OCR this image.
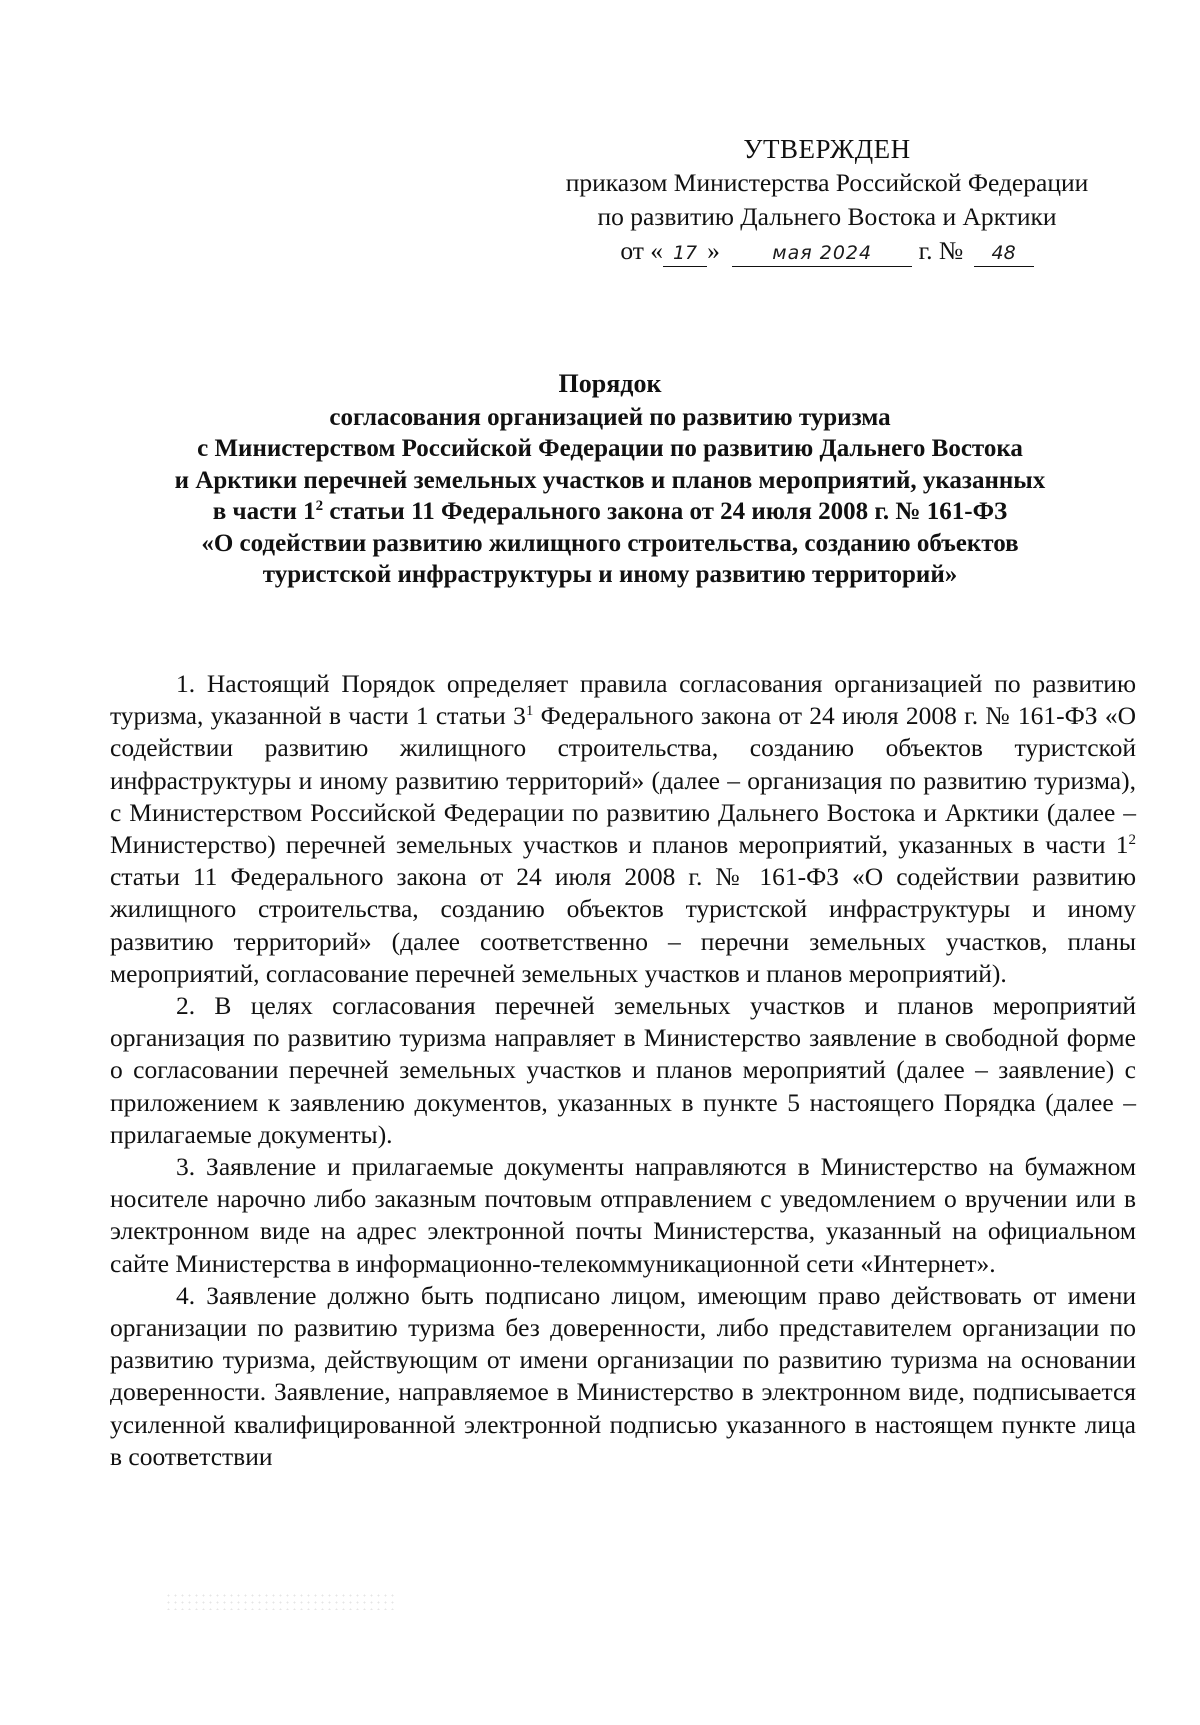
УТВЕРЖДЕН
приказом Министерства Российской Федерации
по развитию Дальнего Востока и Арктики
от « 17 »	мая 2024 г. № 48
Порядок
согласования организацией по развитию туризма
с Министерством Российской Федерации по развитию Дальнего Востока
и Арктики перечней земельных участков и планов мероприятий, указанных
в части $1^2$ статьи 11 Федерального закона от 24 июля 2008 г. № 161-ФЗ
«О содействии развитию жилищного строительства, созданию объектов
туристской инфраструктуры и иному развитию территорий»

1. Настоящий Порядок определяет правила согласования организацией по развитию туризма, указанной в части 1 статьи $3^1$ Федерального закона от 24 июля 2008 г. № 161-ФЗ «О содействии развитию жилищного строительства, созданию объектов туристской инфраструктуры и иному развитию территорий» (далее – организация по развитию туризма), с Министерством Российской Федерации по развитию Дальнего Востока и Арктики (далее – Министерство) перечней земельных участков и планов мероприятий, указанных в части $1^2$ статьи 11 Федерального закона от 24 июля 2008 г. № 161-ФЗ «О содействии развитию жилищного строительства, созданию объектов туристской инфраструктуры и иному развитию территорий» (далее соответственно – перечни земельных участков, планы мероприятий, согласование перечней земельных участков и планов мероприятий).

2. В целях согласования перечней земельных участков и планов мероприятий организация по развитию туризма направляет в Министерство заявление в свободной форме о согласовании перечней земельных участков и планов мероприятий (далее – заявление) с приложением к заявлению документов, указанных в пункте 5 настоящего Порядка (далее – прилагаемые документы).

3. Заявление и прилагаемые документы направляются в Министерство на бумажном носителе нарочно либо заказным почтовым отправлением с уведомлением о вручении или в электронном виде на адрес электронной почты Министерства, указанный на официальном сайте Министерства в информационно-телекоммуникационной сети «Интернет».

4. Заявление должно быть подписано лицом, имеющим право действовать от имени организации по развитию туризма без доверенности, либо представителем организации по развитию туризма, действующим от имени организации по развитию туризма на основании доверенности. Заявление, направляемое в Министерство в электронном виде, подписывается усиленной квалифицированной электронной подписью указанного в настоящем пункте лица в соответствии
